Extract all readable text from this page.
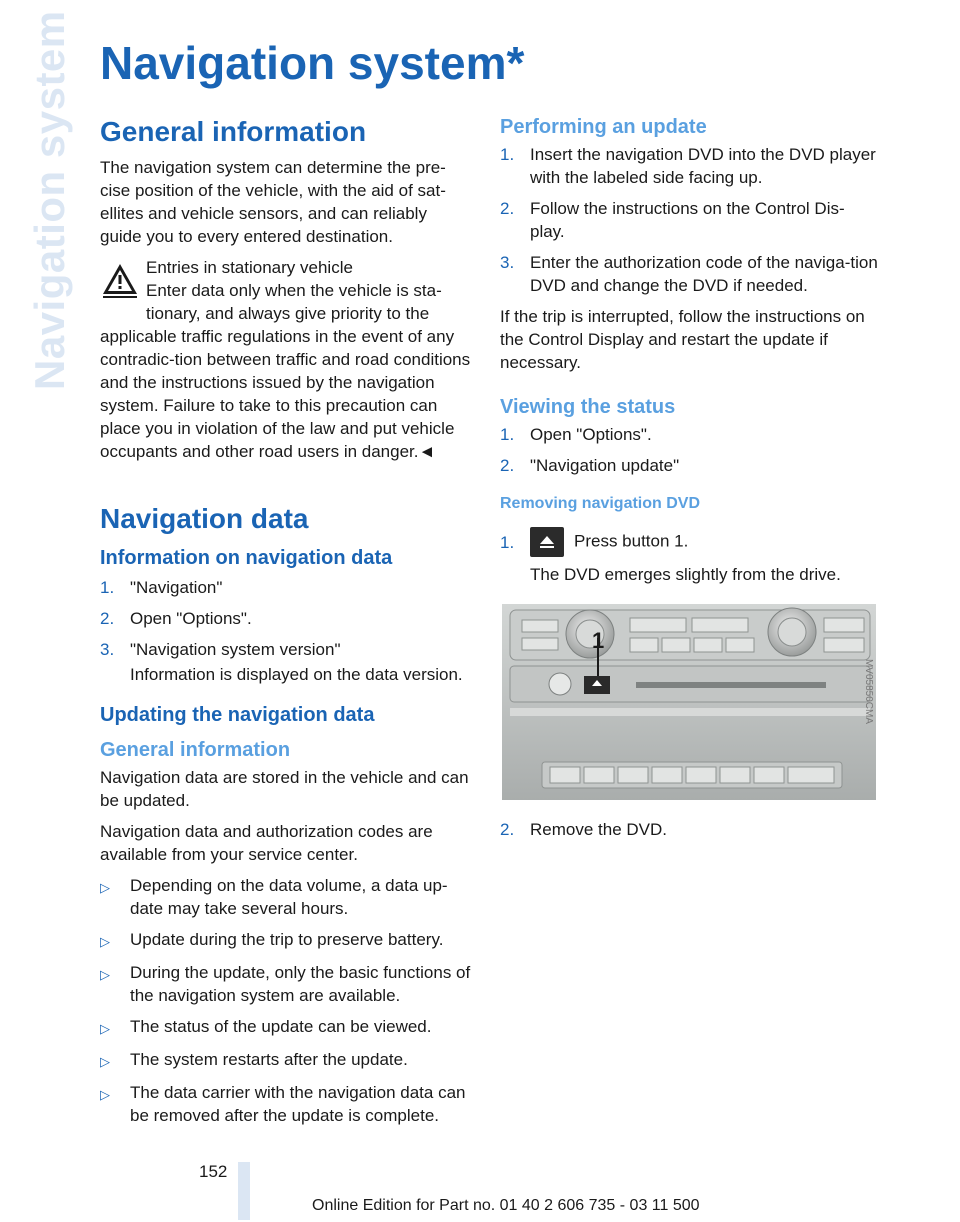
Navigation system Navigation system*
General information

The navigation system can determine the pre-cise position of the vehicle, with the aid of sat-ellites and vehicle sensors, and can reliably guide you to every entered destination.

Entries in stationary vehicle
Enter data only when the vehicle is sta-
tionary, and always give priority to the applicable traffic regulations in the event of any contradic-tion between traffic and road conditions and the instructions issued by the navigation system. Failure to take to this precaution can place you in violation of the law and put vehicle occupants and other road users in danger.◄
Navigation data
Information on navigation data
1. "Navigation"
2. Open "Options".
3. "Navigation system version"
Information is displayed on the data version.
Updating the navigation data
General information

Navigation data are stored in the vehicle and can be updated.

Navigation data and authorization codes are available from your service center.

▷	Depending on the data volume, a data up-date may take several hours.
▷	Update during the trip to preserve battery.
▷	During the update, only the basic functions of the navigation system are available.
▷	The status of the update can be viewed.
▷	The system restarts after the update.
▷	The data carrier with the navigation data can be removed after the update is complete.
Performing an update
1. Insert the navigation DVD into the DVD player with the labeled side facing up.
2. Follow the instructions on the Control Dis-play.
3. Enter the authorization code of the naviga-tion DVD and change the DVD if needed.

If the trip is interrupted, follow the instructions on the Control Display and restart the update if necessary.

Viewing the status
1. Open "Options".
2. "Navigation update"
Removing navigation DVD
1.	Press button 1.
The DVD emerges slightly from the drive.
1
MV05850CMA
2. Remove the DVD.
152
Online Edition for Part no. 01 40 2 606 735 - 03 11 500
